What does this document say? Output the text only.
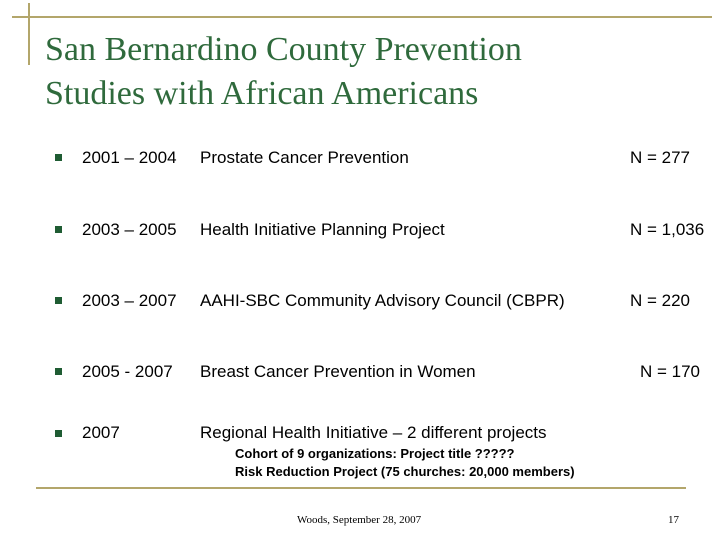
San Bernardino County Prevention
Studies with African Americans
2001 – 2004 Prostate Cancer Prevention	N = 277
2003 – 2005 Health Initiative Planning Project	N = 1,036
2003 – 2007 AAHI-SBC Community Advisory Council (CBPR)	N = 220
2005 - 2007 Breast Cancer Prevention in Women	N = 170
2007	Regional Health Initiative – 2 different projects
Cohort of 9 organizations: Project title ?????
Risk Reduction Project (75 churches: 20,000 members)
Woods, September 28, 2007	17
